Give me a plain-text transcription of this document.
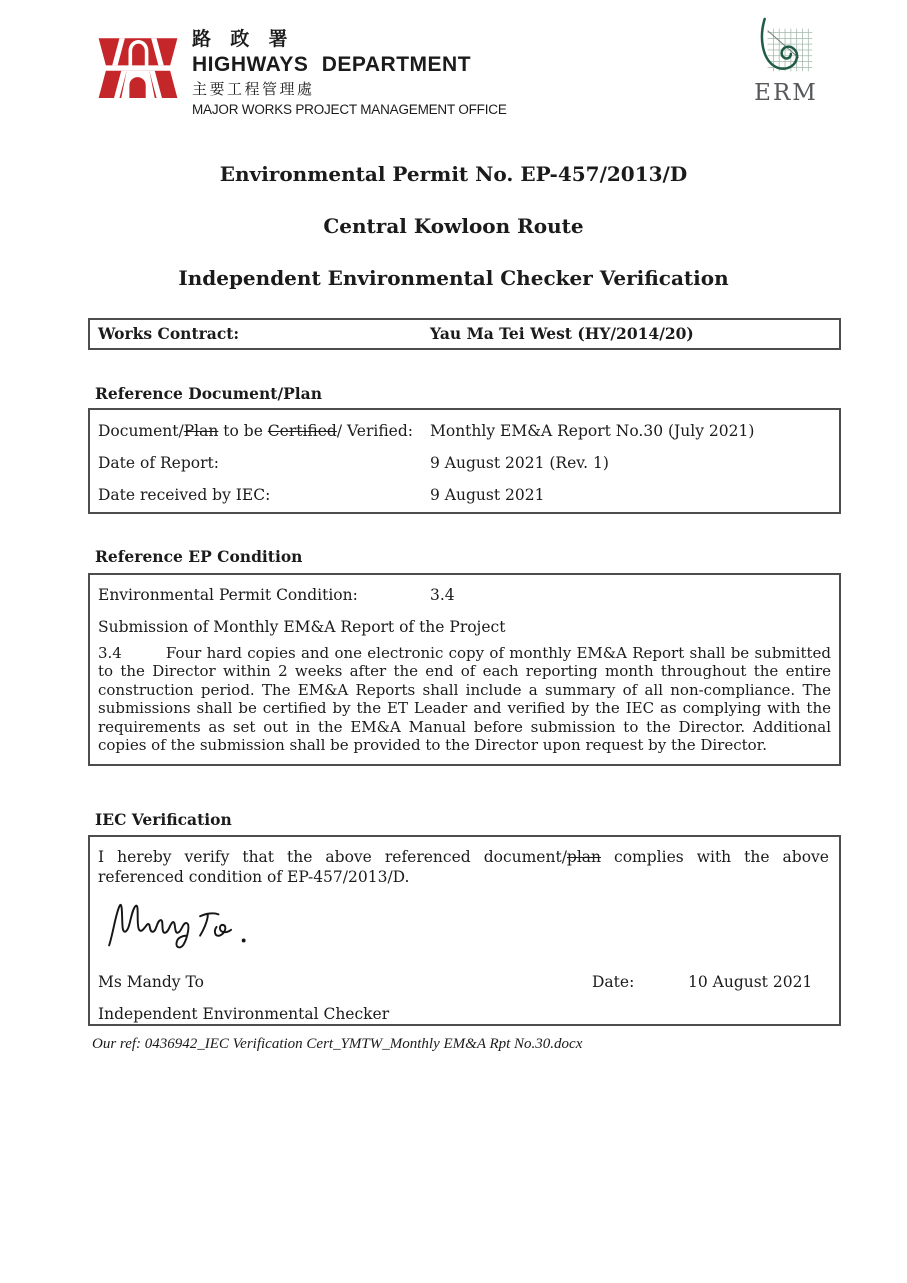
路 政 署
HIGHWAYS DEPARTMENT
主要工程管理處
MAJOR WORKS PROJECT MANAGEMENT OFFICE
ERM
Environmental Permit No. EP-457/2013/D
Central Kowloon Route
Independent Environmental Checker Verification
Works Contract:	Yau Ma Tei West (HY/2014/20)
Reference Document/Plan
Document/Plan to be Certified/ Verified: Monthly EM&A Report No.30 (July 2021)
Date of Report:	9 August 2021 (Rev. 1)
Date received by IEC:	9 August 2021
Reference EP Condition
Environmental Permit Condition:	3.4
Submission of Monthly EM&A Report of the Project

3.4	Four hard copies and one electronic copy of monthly EM&A Report shall be submitted to the Director within 2 weeks after the end of each reporting month throughout the entire construction period. The EM&A Reports shall include a summary of all non-compliance. The submissions shall be certified by the ET Leader and verified by the IEC as complying with the requirements as set out in the EM&A Manual before submission to the Director. Additional copies of the submission shall be provided to the Director upon request by the Director.

IEC Verification

I hereby verify that the above referenced document/plan complies with the above referenced condition of EP-457/2013/D.

Ms Mandy To	Date:	10 August 2021
Independent Environmental Checker
Our ref: 0436942_IEC Verification Cert_YMTW_Monthly EM&A Rpt No.30.docx
